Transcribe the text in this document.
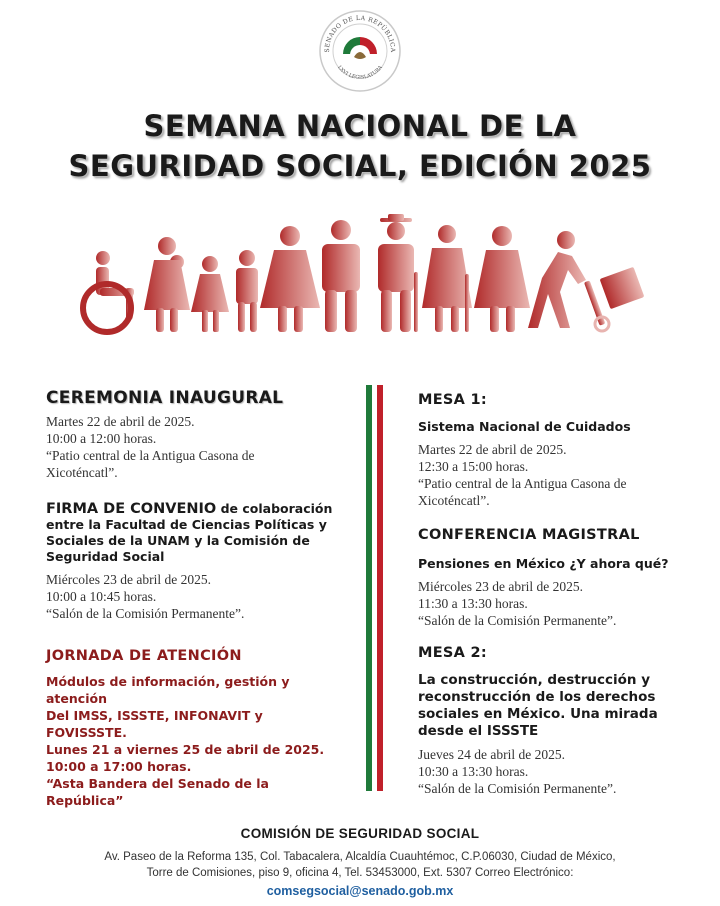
SENADO DE LA REPÚBLICA
LXVI LEGISLATURA
SEMANA NACIONAL DE LA
SEGURIDAD SOCIAL, EDICIÓN 2025
CEREMONIA INAUGURAL

Martes 22 de abril de 2025.

10:00 a 12:00 horas.

“Patio central de la Antigua Casona de

Xicoténcatl”.

FIRMA DE CONVENIO de colaboración
entre la Facultad de Ciencias Políticas y
Sociales de la UNAM y la Comisión de
Seguridad Social

Miércoles 23 de abril de 2025.

10:00 a 10:45 horas.

“Salón de la Comisión Permanente”.

JORNADA DE ATENCIÓN
Módulos de información, gestión y atención
Del IMSS, ISSSTE, INFONAVIT y FOVISSSTE.
Lunes 21 a viernes 25 de abril de 2025.
10:00 a 17:00 horas.
“Asta Bandera del Senado de la República”
MESA 1:
Sistema Nacional de Cuidados

Martes 22 de abril de 2025.

12:30 a 15:00 horas.

“Patio central de la Antigua Casona de

Xicoténcatl”.

CONFERENCIA MAGISTRAL
Pensiones en México ¿Y ahora qué?

Miércoles 23 de abril de 2025.

11:30 a 13:30 horas.

“Salón de la Comisión Permanente”.

MESA 2:
La construcción, destrucción y
reconstrucción de los derechos
sociales en México. Una mirada
desde el ISSSTE

Jueves 24 de abril de 2025.

10:30 a 13:30 horas.

“Salón de la Comisión Permanente”.

COMISIÓN DE SEGURIDAD SOCIAL
Av. Paseo de la Reforma 135, Col. Tabacalera, Alcaldía Cuauhtémoc, C.P.06030, Ciudad de México,
Torre de Comisiones, piso 9, oficina 4, Tel. 53453000, Ext. 5307 Correo Electrónico:
comsegsocial@senado.gob.mx
